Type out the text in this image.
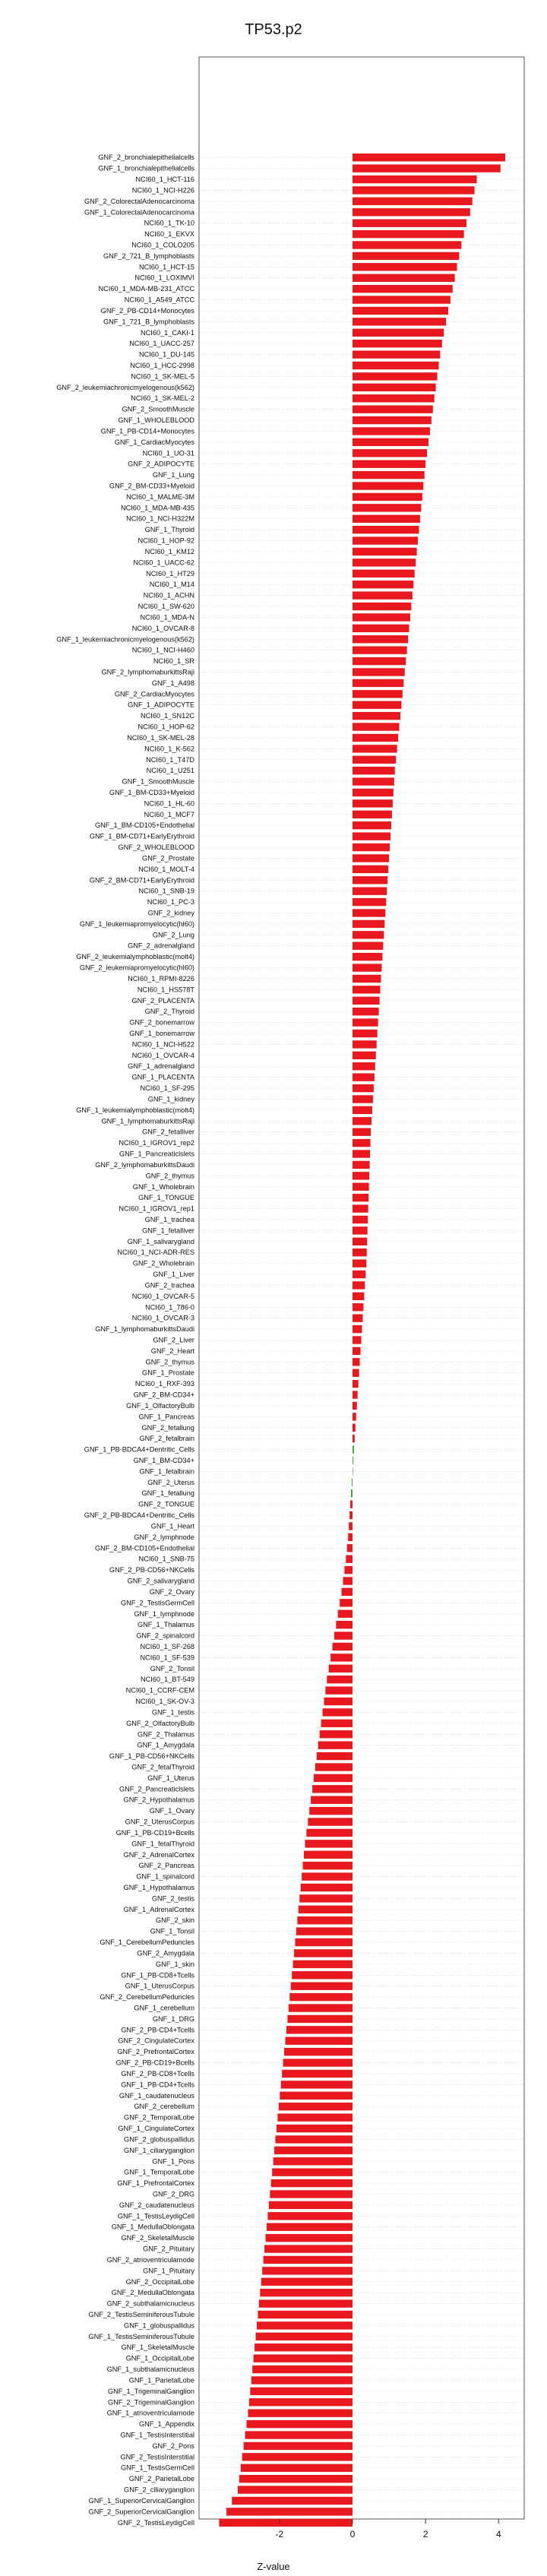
TP53.p2
GNF_2_bronchialepithelialcells
GNF_1_bronchialepithelialcells
NCI60_1_HCT-116
NCI60_1_NCI-H226
GNF_2_ColorectalAdenocarcinoma
GNF_1_ColorectalAdenocarcinoma
NCI60_1_TK-10
NCI60_1_EKVX
NCI60_1_COLO205
GNF_2_721_B_lymphoblasts
NCI60_1_HCT-15
NCI60_1_LOXIMVI
NCI60_1_MDA-MB-231_ATCC
NCI60_1_A549_ATCC
GNF_2_PB-CD14+Monocytes
GNF_1_721_B_lymphoblasts
NCI60_1_CAKI-1
NCI60_1_UACC-257
NCI60_1_DU-145
NCI60_1_HCC-2998
NCI60_1_SK-MEL-5
GNF_2_leukemiachronicmyelogenous(k562)
NCI60_1_SK-MEL-2
GNF_2_SmoothMuscle
GNF_1_WHOLEBLOOD
GNF_1_PB-CD14+Monocytes
GNF_1_CardiacMyocytes
NCI60_1_UO-31
GNF_2_ADIPOCYTE
GNF_1_Lung
GNF_2_BM-CD33+Myeloid
NCI60_1_MALME-3M
NCI60_1_MDA-MB-435
NCI60_1_NCI-H322M
GNF_1_Thyroid
NCI60_1_HOP-92
NCI60_1_KM12
NCI60_1_UACC-62
NCI60_1_HT29
NCI60_1_M14
NCI60_1_ACHN
NCI60_1_SW-620
NCI60_1_MDA-N
NCI60_1_OVCAR-8
GNF_1_leukemiachronicmyelogenous(k562)
NCI60_1_NCI-H460
NCI60_1_SR
GNF_2_lymphomaburkittsRaji
GNF_1_A498
GNF_2_CardiacMyocytes
GNF_1_ADIPOCYTE
NCI60_1_SN12C
NCI60_1_HOP-62
NCI60_1_SK-MEL-28
NCI60_1_K-562
NCI60_1_T47D
NCI60_1_U251
GNF_1_SmoothMuscle
GNF_1_BM-CD33+Myeloid
NCI60_1_HL-60
NCI60_1_MCF7
GNF_1_BM-CD105+Endothelial
GNF_1_BM-CD71+EarlyErythroid
GNF_2_WHOLEBLOOD
GNF_2_Prostate
NCI60_1_MOLT-4
GNF_2_BM-CD71+EarlyErythroid
NCI60_1_SNB-19
NCI60_1_PC-3
GNF_2_kidney
GNF_1_leukemiapromyelocytic(hl60)
GNF_2_Lung
GNF_2_adrenalgland
GNF_2_leukemialymphoblastic(molt4)
GNF_2_leukemiapromyelocytic(hl60)
NCI60_1_RPMI-8226
NCI60_1_HS578T
GNF_2_PLACENTA
GNF_2_Thyroid
GNF_2_bonemarrow
GNF_1_bonemarrow
NCI60_1_NCI-H522
NCI60_1_OVCAR-4
GNF_1_adrenalgland
GNF_1_PLACENTA
NCI60_1_SF-295
GNF_1_kidney
GNF_1_leukemialymphoblastic(molt4)
GNF_1_lymphomaburkittsRaji
GNF_2_fetalliver
NCI60_1_IGROV1_rep2
GNF_1_Pancreaticlslets
GNF_2_lymphomaburkittsDaudi
GNF_2_thymus
GNF_1_Wholebrain
GNF_1_TONGUE
NCI60_1_IGROV1_rep1
GNF_1_trachea
GNF_1_fetalliver
GNF_1_salivarygland
NCI60_1_NCI-ADR-RES
GNF_2_Wholebrain
GNF_1_Liver
GNF_2_trachea
NCI60_1_OVCAR-5
NCI60_1_786-0
NCI60_1_OVCAR-3
GNF_1_lymphomaburkittsDaudi
GNF_2_Liver
GNF_2_Heart
GNF_2_thymus
GNF_1_Prostate
NCI60_1_RXF-393
GNF_2_BM-CD34+
GNF_1_OlfactoryBulb
GNF_1_Pancreas
GNF_2_fetallung
GNF_2_fetalbrain
GNF_1_PB-BDCA4+Dentritic_Cells
GNF_1_BM-CD34+
GNF_1_fetalbrain
GNF_2_Uterus
GNF_1_fetallung
GNF_2_TONGUE
GNF_2_PB-BDCA4+Dentritic_Cells
GNF_1_Heart
GNF_2_lymphnode
GNF_2_BM-CD105+Endothelial
NCI60_1_SNB-75
GNF_2_PB-CD56+NKCells
GNF_2_salivarygland
GNF_2_Ovary
GNF_2_TestisGermCell
GNF_1_lymphnode
GNF_1_Thalamus
GNF_2_spinalcord
NCI60_1_SF-268
NCI60_1_SF-539
GNF_2_Tonsil
NCI60_1_BT-549
NCI60_1_CCRF-CEM
NCI60_1_SK-OV-3
GNF_1_testis
GNF_2_OlfactoryBulb
GNF_2_Thalamus
GNF_1_Amygdala
GNF_1_PB-CD56+NKCells
GNF_2_fetalThyroid
GNF_1_Uterus
GNF_2_Pancreaticlslets
GNF_2_Hypothalamus
GNF_1_Ovary
GNF_2_UterusCorpus
GNF_1_PB-CD19+Bcells
GNF_1_fetalThyroid
GNF_2_AdrenalCortex
GNF_2_Pancreas
GNF_1_spinalcord
GNF_1_Hypothalamus
GNF_2_testis
GNF_1_AdrenalCortex
GNF_2_skin
GNF_1_Tonsil
GNF_1_CerebellumPeduncles
GNF_2_Amygdala
GNF_1_skin
GNF_1_PB-CD8+Tcells
GNF_1_UterusCorpus
GNF_2_CerebellumPeduncles
GNF_1_cerebellum
GNF_1_DRG
GNF_2_PB-CD4+Tcells
GNF_2_CingulateCortex
GNF_2_PrefrontalCortex
GNF_2_PB-CD19+Bcells
GNF_2_PB-CD8+Tcells
GNF_1_PB-CD4+Tcells
GNF_1_caudatenucleus
GNF_2_cerebellum
GNF_2_TemporalLobe
GNF_1_CingulateCortex
GNF_2_globuspallidus
GNF_1_ciliaryganglion
GNF_1_Pons
GNF_1_TemporalLobe
GNF_1_PrefrontalCortex
GNF_2_DRG
GNF_2_caudatenucleus
GNF_1_TestisLeydigCell
GNF_1_MedullaOblongata
GNF_2_SkeletalMuscle
GNF_2_Pituitary
GNF_2_atrioventricularnode
GNF_1_Pituitary
GNF_2_OccipitalLobe
GNF_2_MedullaOblongata
GNF_2_subthalamicnucleus
GNF_2_TestisSeminiferousTubule
GNF_1_globuspallidus
GNF_1_TestisSeminiferousTubule
GNF_1_SkeletalMuscle
GNF_1_OccipitalLobe
GNF_1_subthalamicnucleus
GNF_1_ParietalLobe
GNF_1_TrigeminalGanglion
GNF_2_TrigeminalGanglion
GNF_1_atrioventricularnode
GNF_1_Appendix
GNF_1_TestisInterstitial
GNF_2_Pons
GNF_2_TestisInterstitial
GNF_1_TestisGermCell
GNF_2_ParietalLobe
GNF_2_ciliaryganglion
GNF_1_SuperiorCervicalGanglion
GNF_2_SuperiorCervicalGanglion
GNF_2_TestisLeydigCell
-2	0	2	4
Z-value
